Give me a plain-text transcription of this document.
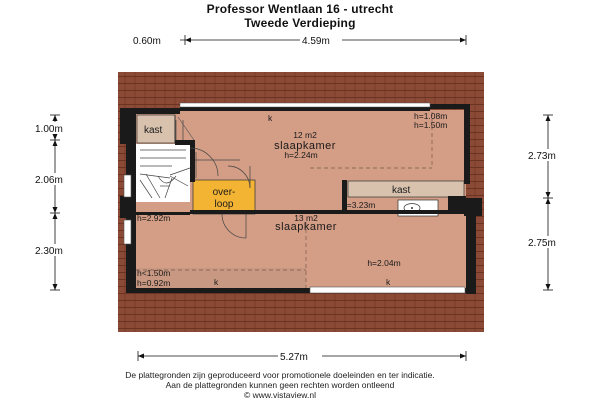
Professor Wentlaan 16 - utrecht
Tweede Verdieping
0.60m	4.59m
1.00m
2.06m
2.30m
2.73m
2.75m
kast
kast
over-
loop
12 m2
slaapkamer
h=2.24m
13 m2
slaapkamer
h=2.04m
h=1.08m
h=1.50m
h=2.92m
h=3.23m
h<1.50m
h=0.92m
k
k	k
5.27m
De plattegronden zijn geproduceerd voor promotionele doeleinden en ter indicatie.
Aan de plattegronden kunnen geen rechten worden ontleend
© www.vistaview.nl
